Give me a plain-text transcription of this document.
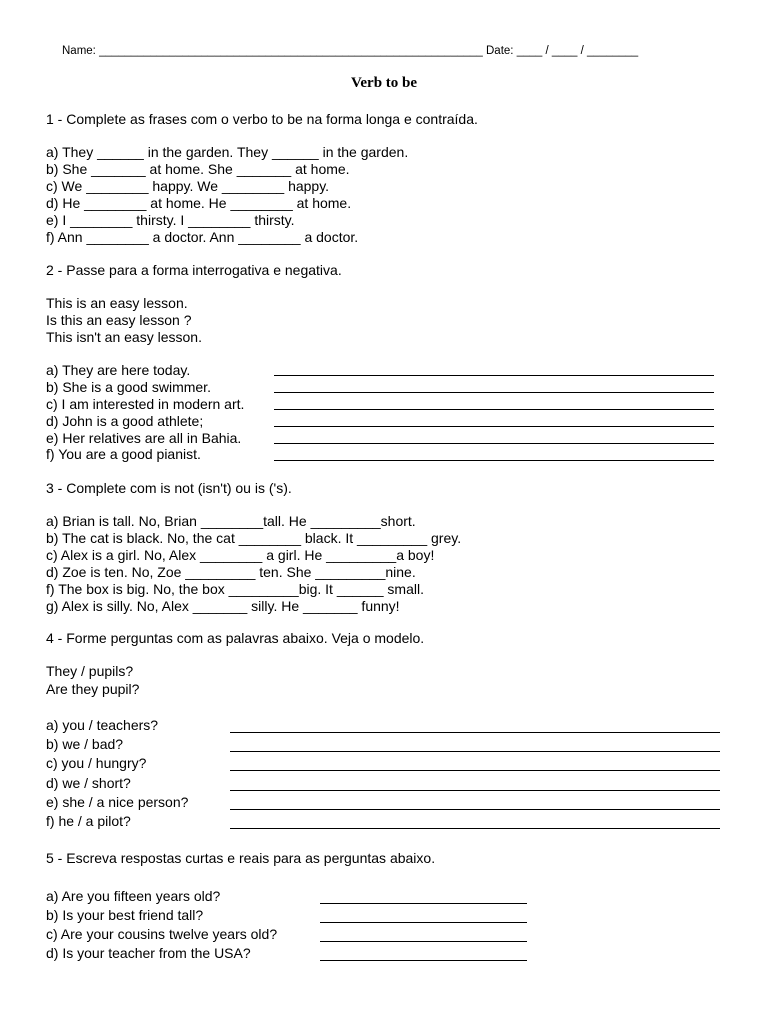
Name: ____________________________________________________________ Date: ____ / ____ / ________
Verb to be
1 - Complete as frases com o verbo to be na forma longa e contraída.
a) They ______ in the garden. They ______ in the garden.
b) She _______ at home. She _______ at home.
c) We ________ happy. We ________ happy.
d) He ________ at home. He ________ at home.
e) I ________ thirsty. I ________ thirsty.
f) Ann ________ a doctor. Ann ________ a doctor.
2 - Passe para a forma interrogativa e negativa.
This is an easy lesson.
Is this an easy lesson ?
This isn't an easy lesson.
a) They are here today.
b) She is a good swimmer.
c) I am interested in modern art.
d) John is a good athlete;
e) Her relatives are all in Bahia.
f) You are a good pianist.
3 - Complete com is not (isn't) ou is ('s).
a) Brian is tall. No, Brian ________tall. He _________short.
b) The cat is black. No, the cat ________ black. It _________ grey.
c) Alex is a girl. No, Alex ________ a girl. He _________a boy!
d) Zoe is ten. No, Zoe _________ ten. She _________nine.
f) The box is big. No, the box _________big. It ______ small.
g) Alex is silly. No, Alex _______ silly. He _______ funny!
4 - Forme perguntas com as palavras abaixo. Veja o modelo.
They / pupils?
Are they pupil?
a) you / teachers?
b) we / bad?
c) you / hungry?
d) we / short?
e) she / a nice person?
f) he / a pilot?
5 - Escreva respostas curtas e reais para as perguntas abaixo.
a) Are you fifteen years old?
b) Is your best friend tall?
c) Are your cousins twelve years old?
d) Is your teacher from the USA?
